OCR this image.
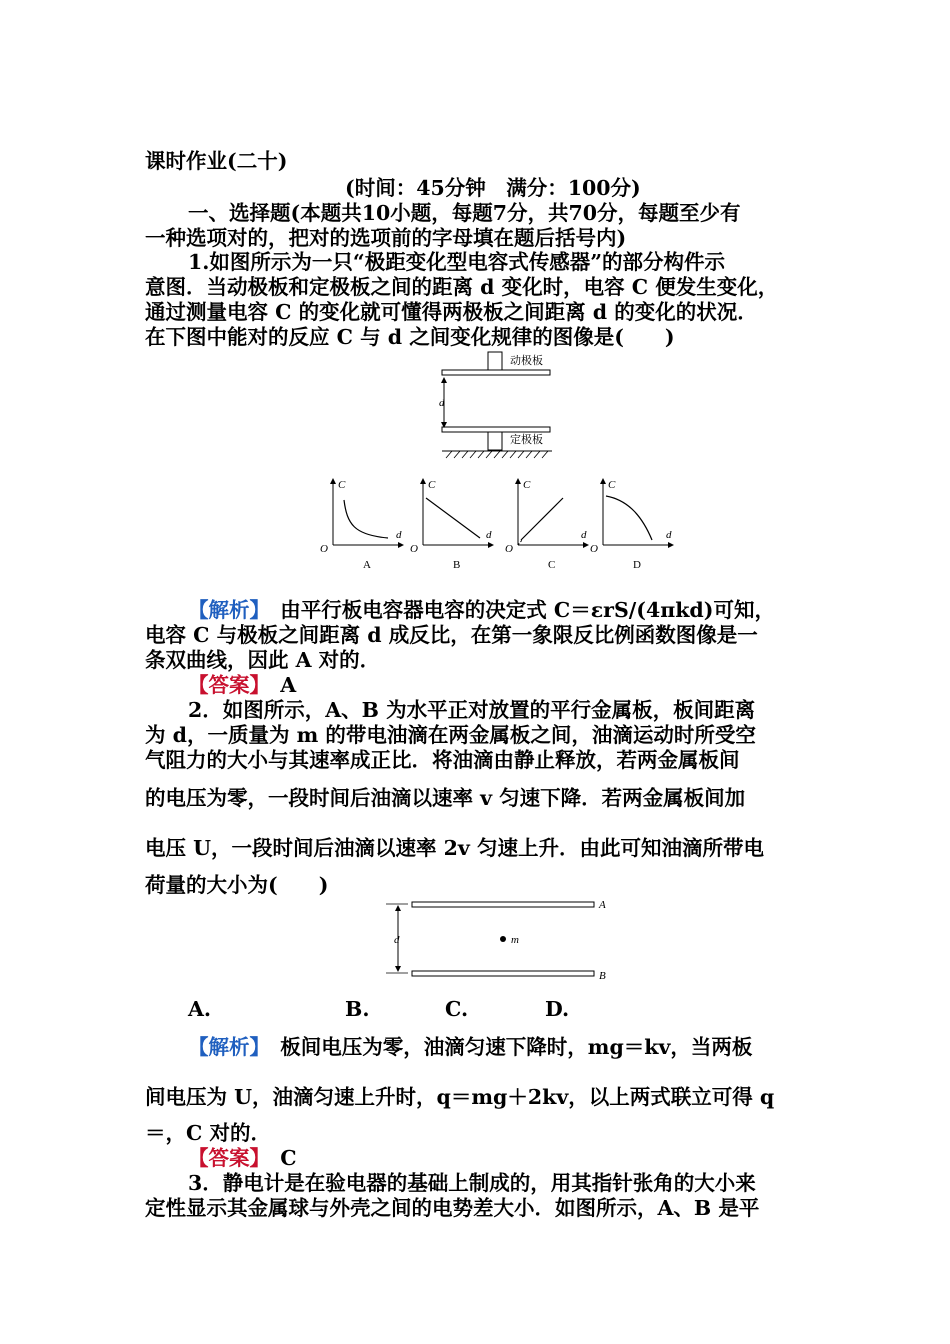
课时作业(二十)
(时间：45分钟　满分：100分)
一、选择题(本题共10小题，每题7分，共70分，每题至少有
一种选项对的，把对的选项前的字母填在题后括号内)
1.如图所示为一只“极距变化型电容式传感器”的部分构件示
意图．当动极板和定极板之间的距离 d 变化时，电容 C 便发生变化，
通过测量电容 C 的变化就可懂得两极板之间距离 d 的变化的状况．
在下图中能对的反应 C 与 d 之间变化规律的图像是(　　)
动极板
d
定极板
C
d
O
A
C
d
O
B
C
d
O
C
C
d
O
D
【解析】　 由平行板电容器电容的决定式 C＝εrS/(4πkd)可知，
电容 C 与极板之间距离 d 成反比，在第一象限反比例函数图像是一
条双曲线，因此 A 对的．
【答案】　 A
2．如图所示，A、B 为水平正对放置的平行金属板，板间距离
为 d，一质量为 m 的带电油滴在两金属板之间，油滴运动时所受空
气阻力的大小与其速率成正比．将油滴由静止释放，若两金属板间
的电压为零，一段时间后油滴以速率 v 匀速下降．若两金属板间加
电压 U，一段时间后油滴以速率 2v 匀速上升．由此可知油滴所带电
荷量的大小为(　　)
A
B
d	m
A.	B.	C.	D.
【解析】　 板间电压为零，油滴匀速下降时，mg＝kv，当两板
间电压为 U，油滴匀速上升时，q＝mg＋2kv，以上两式联立可得 q
＝，C 对的．
【答案】　 C
3．静电计是在验电器的基础上制成的，用其指针张角的大小来
定性显示其金属球与外壳之间的电势差大小．如图所示，A、B 是平
